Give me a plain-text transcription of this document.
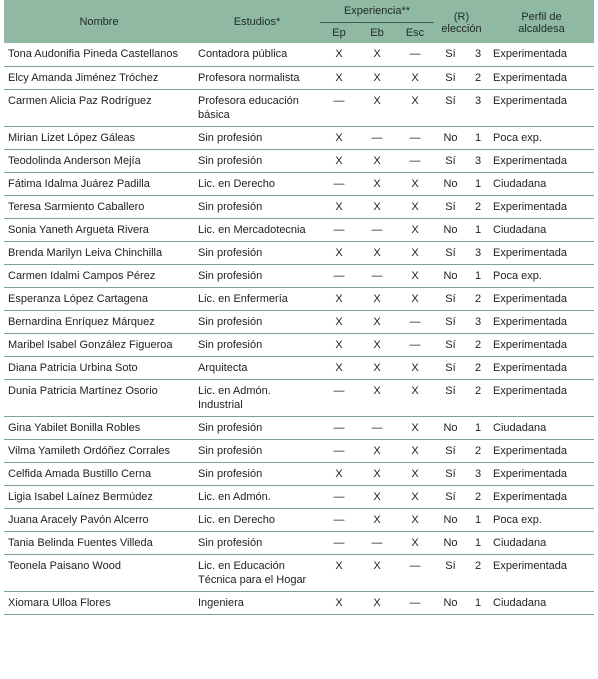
Nombre	Estudios*	Experiencia**			(R)		Perfil de
		Ep	Eb	Esc	elección		alcaldesa
Tona Audonifia Pineda Castellanos	Contadora pública	X	X	—	Sí	3	Experimentada
Elcy Amanda Jiménez Tróchez	Profesora normalista	X	X	X	Sí	2	Experimentada
Carmen Alicia Paz Rodríguez	Profesora educación básica	—	X	X	Sí	3	Experimentada
Mirian Lizet López Gáleas	Sin profesión	X	—	—	No	1	Poca exp.
Teodolinda Anderson Mejía	Sin profesión	X	X	—	Sí	3	Experimentada
Fátima Idalma Juárez Padilla	Lic. en Derecho	—	X	X	No	1	Ciudadana
Teresa Sarmiento Caballero	Sin profesión	X	X	X	Sí	2	Experimentada
Sonia Yaneth Argueta Rivera	Lic. en Mercadotecnia	—	—	X	No	1	Ciudadana
Brenda Marilyn Leiva Chinchilla	Sin profesión	X	X	X	Sí	3	Experimentada
Carmen Idalmi Campos Pérez	Sin profesión	—	—	X	No	1	Poca exp.
Esperanza López Cartagena	Lic. en Enfermería	X	X	X	Sí	2	Experimentada
Bernardina Enríquez Márquez	Sin profesión	X	X	—	Sí	3	Experimentada
Maribel Isabel González Figueroa	Sin profesión	X	X	—	Sí	2	Experimentada
Diana Patricia Urbina Soto	Arquitecta	X	X	X	Sí	2	Experimentada
Dunia Patricia Martínez Osorio	Lic. en Admón. Industrial	—	X	X	Sí	2	Experimentada
Gina Yabilet Bonilla Robles	Sin profesión	—	—	X	No	1	Ciudadana
Vilma Yamileth Ordóñez Corrales	Sin profesión	—	X	X	Sí	2	Experimentada
Celfida Amada Bustillo Cerna	Sin profesión	X	X	X	Sí	3	Experimentada
Ligia Isabel Laínez Bermúdez	Lic. en Admón.	—	X	X	Sí	2	Experimentada
Juana Aracely Pavón Alcerro	Lic. en Derecho	—	X	X	No	1	Poca exp.
Tania Belinda Fuentes Villeda	Sin profesión	—	—	X	No	1	Ciudadana
Teonela Paisano Wood	Lic. en Educación Técnica para el Hogar	X	X	—	Sí	2	Experimentada
Xiomara Ulloa Flores	Ingeniera	X	X	—	No	1	Ciudadana
